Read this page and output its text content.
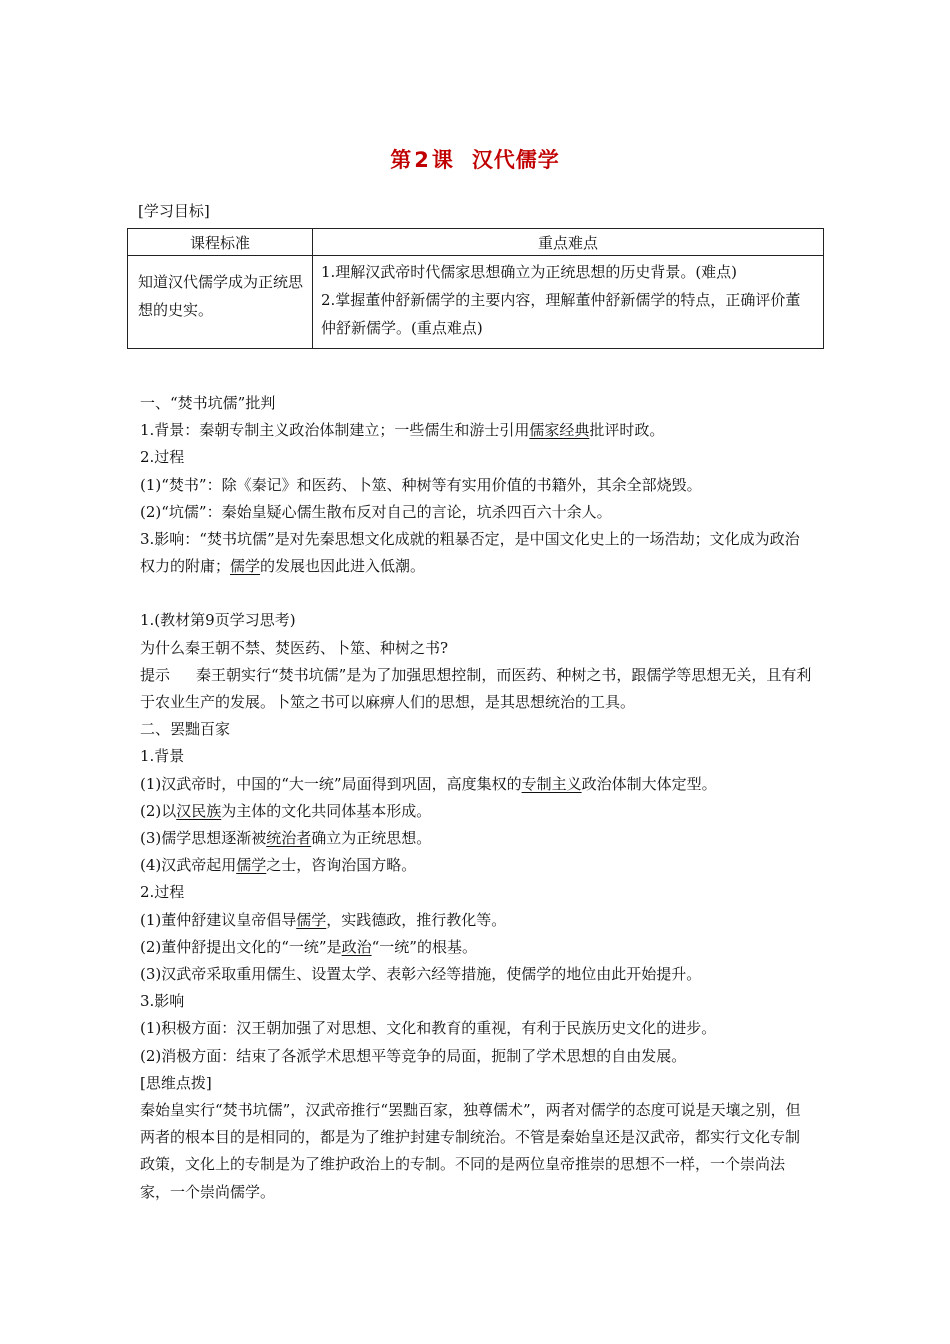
第2课 汉代儒学
[学习目标]
课程标准	重点难点
知道汉代儒学成为正统思想的史实。	1.理解汉武帝时代儒家思想确立为正统思想的历史背景。(难点)
2.掌握董仲舒新儒学的主要内容，理解董仲舒新儒学的特点，正确评价董仲舒新儒学。(重点难点)

一、“焚书坑儒”批判

1.背景：秦朝专制主义政治体制建立；一些儒生和游士引用儒家经典批评时政。

2.过程

(1)“焚书”：除《秦记》和医药、卜筮、种树等有实用价值的书籍外，其余全部烧毁。

(2)“坑儒”：秦始皇疑心儒生散布反对自己的言论，坑杀四百六十余人。

3.影响：“焚书坑儒”是对先秦思想文化成就的粗暴否定，是中国文化史上的一场浩劫；文化成为政治权力的附庸；儒学的发展也因此进入低潮。

1.(教材第9页学习思考)

为什么秦王朝不禁、焚医药、卜筮、种树之书?

提示 秦王朝实行“焚书坑儒”是为了加强思想控制，而医药、种树之书，跟儒学等思想无关，且有利于农业生产的发展。卜筮之书可以麻痹人们的思想，是其思想统治的工具。

二、罢黜百家

1.背景

(1)汉武帝时，中国的“大一统”局面得到巩固，高度集权的专制主义政治体制大体定型。

(2)以汉民族为主体的文化共同体基本形成。

(3)儒学思想逐渐被统治者确立为正统思想。

(4)汉武帝起用儒学之士，咨询治国方略。

2.过程

(1)董仲舒建议皇帝倡导儒学，实践德政，推行教化等。

(2)董仲舒提出文化的“一统”是政治“一统”的根基。

(3)汉武帝采取重用儒生、设置太学、表彰六经等措施，使儒学的地位由此开始提升。

3.影响

(1)积极方面：汉王朝加强了对思想、文化和教育的重视，有利于民族历史文化的进步。

(2)消极方面：结束了各派学术思想平等竞争的局面，扼制了学术思想的自由发展。

[思维点拨]

秦始皇实行“焚书坑儒”，汉武帝推行“罢黜百家，独尊儒术”，两者对儒学的态度可说是天壤之别，但两者的根本目的是相同的，都是为了维护封建专制统治。不管是秦始皇还是汉武帝，都实行文化专制政策，文化上的专制是为了维护政治上的专制。不同的是两位皇帝推崇的思想不一样，一个崇尚法家，一个崇尚儒学。
